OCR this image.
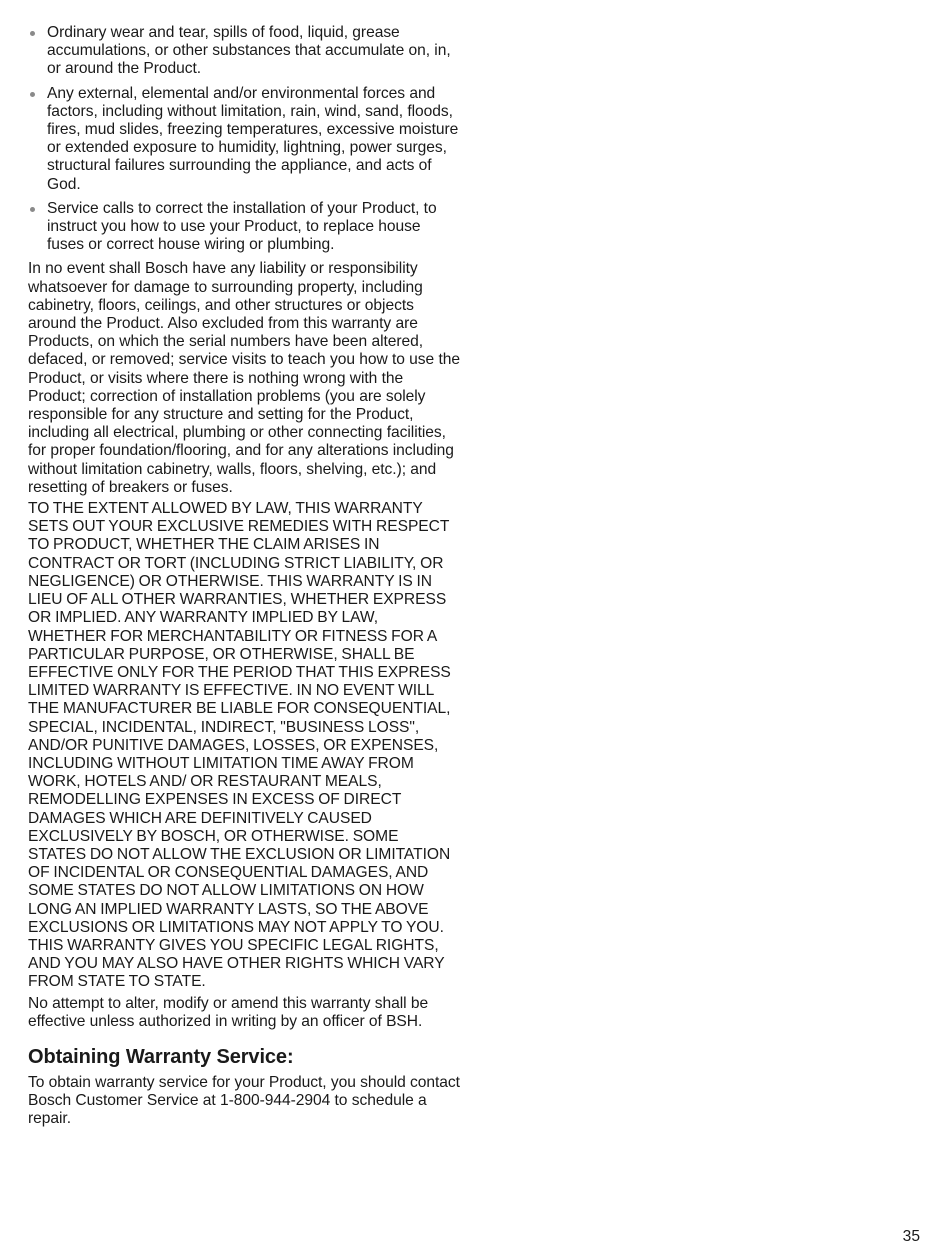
Ordinary wear and tear, spills of food, liquid, grease accumulations, or other substances that accumulate on, in, or around the Product.
Any external, elemental and/or environmental forces and factors, including without limitation, rain, wind, sand, floods, fires, mud slides, freezing temperatures, excessive moisture or extended exposure to humidity, lightning, power surges, structural failures surrounding the appliance, and acts of God.
Service calls to correct the installation of your Product, to instruct you how to use your Product, to replace house fuses or correct house wiring or plumbing.

In no event shall Bosch have any liability or responsibility whatsoever for damage to surrounding property, including cabinetry, floors, ceilings, and other structures or objects around the Product. Also excluded from this warranty are Products, on which the serial numbers have been altered, defaced, or removed; service visits to teach you how to use the Product, or visits where there is nothing wrong with the Product; correction of installation problems (you are solely responsible for any structure and setting for the Product, including all electrical, plumbing or other connecting facilities, for proper foundation/flooring, and for any alterations including without limitation cabinetry, walls, floors, shelving, etc.); and resetting of breakers or fuses.

TO THE EXTENT ALLOWED BY LAW, THIS WARRANTY SETS OUT YOUR EXCLUSIVE REMEDIES WITH RESPECT TO PRODUCT, WHETHER THE CLAIM ARISES IN CONTRACT OR TORT (INCLUDING STRICT LIABILITY, OR NEGLIGENCE) OR OTHERWISE. THIS WARRANTY IS IN LIEU OF ALL OTHER WARRANTIES, WHETHER EXPRESS OR IMPLIED. ANY WARRANTY IMPLIED BY LAW, WHETHER FOR MERCHANTABILITY OR FITNESS FOR A PARTICULAR PURPOSE, OR OTHERWISE, SHALL BE EFFECTIVE ONLY FOR THE PERIOD THAT THIS EXPRESS LIMITED WARRANTY IS EFFECTIVE. IN NO EVENT WILL THE MANUFACTURER BE LIABLE FOR CONSEQUENTIAL, SPECIAL, INCIDENTAL, INDIRECT, "BUSINESS LOSS", AND/OR PUNITIVE DAMAGES, LOSSES, OR EXPENSES, INCLUDING WITHOUT LIMITATION TIME AWAY FROM WORK, HOTELS AND/ OR RESTAURANT MEALS, REMODELLING EXPENSES IN EXCESS OF DIRECT DAMAGES WHICH ARE DEFINITIVELY CAUSED EXCLUSIVELY BY BOSCH, OR OTHERWISE. SOME STATES DO NOT ALLOW THE EXCLUSION OR LIMITATION OF INCIDENTAL OR CONSEQUENTIAL DAMAGES, AND SOME STATES DO NOT ALLOW LIMITATIONS ON HOW LONG AN IMPLIED WARRANTY LASTS, SO THE ABOVE EXCLUSIONS OR LIMITATIONS MAY NOT APPLY TO YOU. THIS WARRANTY GIVES YOU SPECIFIC LEGAL RIGHTS, AND YOU MAY ALSO HAVE OTHER RIGHTS WHICH VARY FROM STATE TO STATE.

No attempt to alter, modify or amend this warranty shall be effective unless authorized in writing by an officer of BSH.

Obtaining Warranty Service:

To obtain warranty service for your Product, you should contact Bosch Customer Service at 1-800-944-2904 to schedule a repair.

35
